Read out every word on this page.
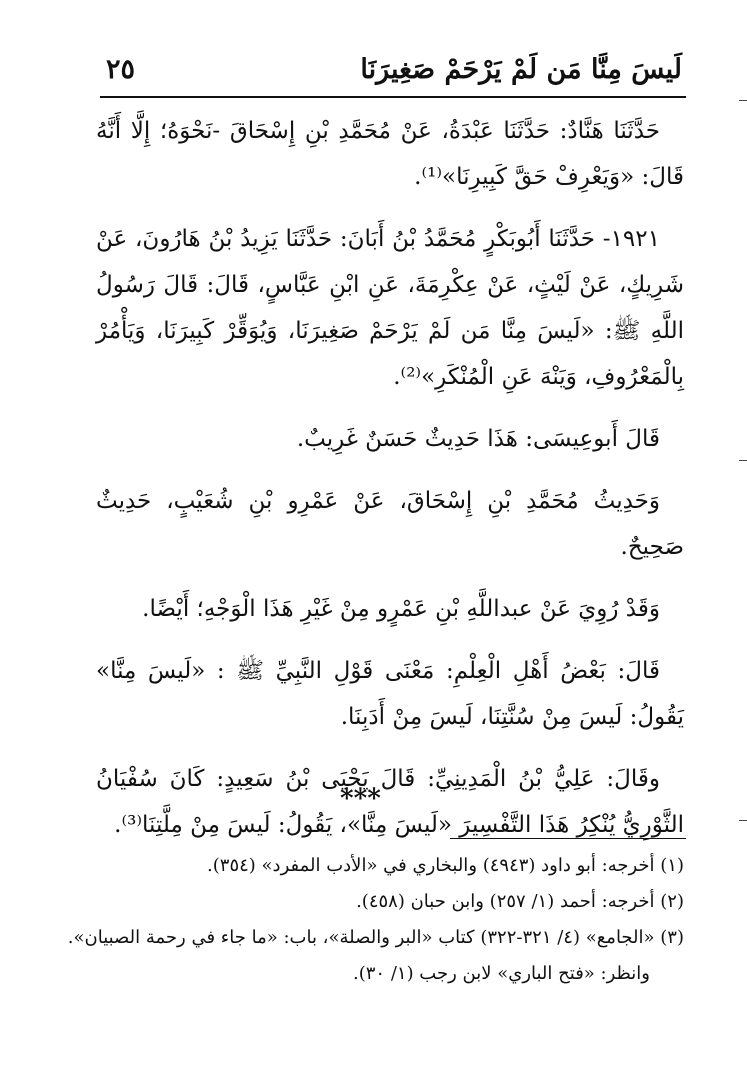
لَيسَ مِنَّا مَن لَمْ يَرْحَمْ صَغِيرَنَا
٢٥

حَدَّثَنَا هَنَّادٌ: حَدَّثَنَا عَبْدَةُ، عَنْ مُحَمَّدِ بْنِ إِسْحَاقَ -نَحْوَهُ؛ إِلَّا أَنَّهُ قَالَ: «وَيَعْرِفْ حَقَّ كَبِيرِنَا»⁽¹⁾.

١٩٢١- حَدَّثَنَا أَبُوبَكْرٍ مُحَمَّدُ بْنُ أَبَانَ: حَدَّثَنَا يَزِيدُ بْنُ هَارُونَ، عَنْ شَرِيكٍ، عَنْ لَيْثٍ، عَنْ عِكْرِمَةَ، عَنِ ابْنِ عَبَّاسٍ، قَالَ: قَالَ رَسُولُ اللَّهِ ﷺ: «لَيسَ مِنَّا مَن لَمْ يَرْحَمْ صَغِيرَنَا، وَيُوَقِّرْ كَبِيرَنَا، وَيَأْمُرْ بِالْمَعْرُوفِ، وَيَنْهَ عَنِ الْمُنْكَرِ»⁽²⁾.

قَالَ أَبوعِيسَى: هَذَا حَدِيثٌ حَسَنٌ غَرِيبٌ.

وَحَدِيثُ مُحَمَّدِ بْنِ إِسْحَاقَ، عَنْ عَمْرِو بْنِ شُعَيْبٍ، حَدِيثٌ صَحِيحٌ.

وَقَدْ رُوِيَ عَنْ عبداللَّهِ بْنِ عَمْرٍو مِنْ غَيْرِ هَذَا الْوَجْهِ؛ أَيْضًا.

قَالَ: بَعْضُ أَهْلِ الْعِلْمِ: مَعْنَى قَوْلِ النَّبِيِّ ﷺ : «لَيسَ مِنَّا» يَقُولُ: لَيسَ مِنْ سُنَّتِنَا، لَيسَ مِنْ أَدَبِنَا.

وقَالَ: عَلِيُّ بْنُ الْمَدِينِيِّ: قَالَ يَحْيَى بْنُ سَعِيدٍ: كَانَ سُفْيَانُ الثَّوْرِيُّ يُنْكِرُ هَذَا التَّفْسِيرَ «لَيسَ مِنَّا»، يَقُولُ: لَيسَ مِنْ مِلَّتِنَا⁽³⁾.

***

(١) أخرجه: أبو داود (٤٩٤٣) والبخاري في «الأدب المفرد» (٣٥٤).

(٢) أخرجه: أحمد (١/ ٢٥٧) وابن حبان (٤٥٨).

(٣) «الجامع» (٤/ ٣٢١-٣٢٢) كتاب «البر والصلة»، باب: «ما جاء في رحمة الصبيان».

وانظر: «فتح الباري» لابن رجب (١/ ٣٠).
